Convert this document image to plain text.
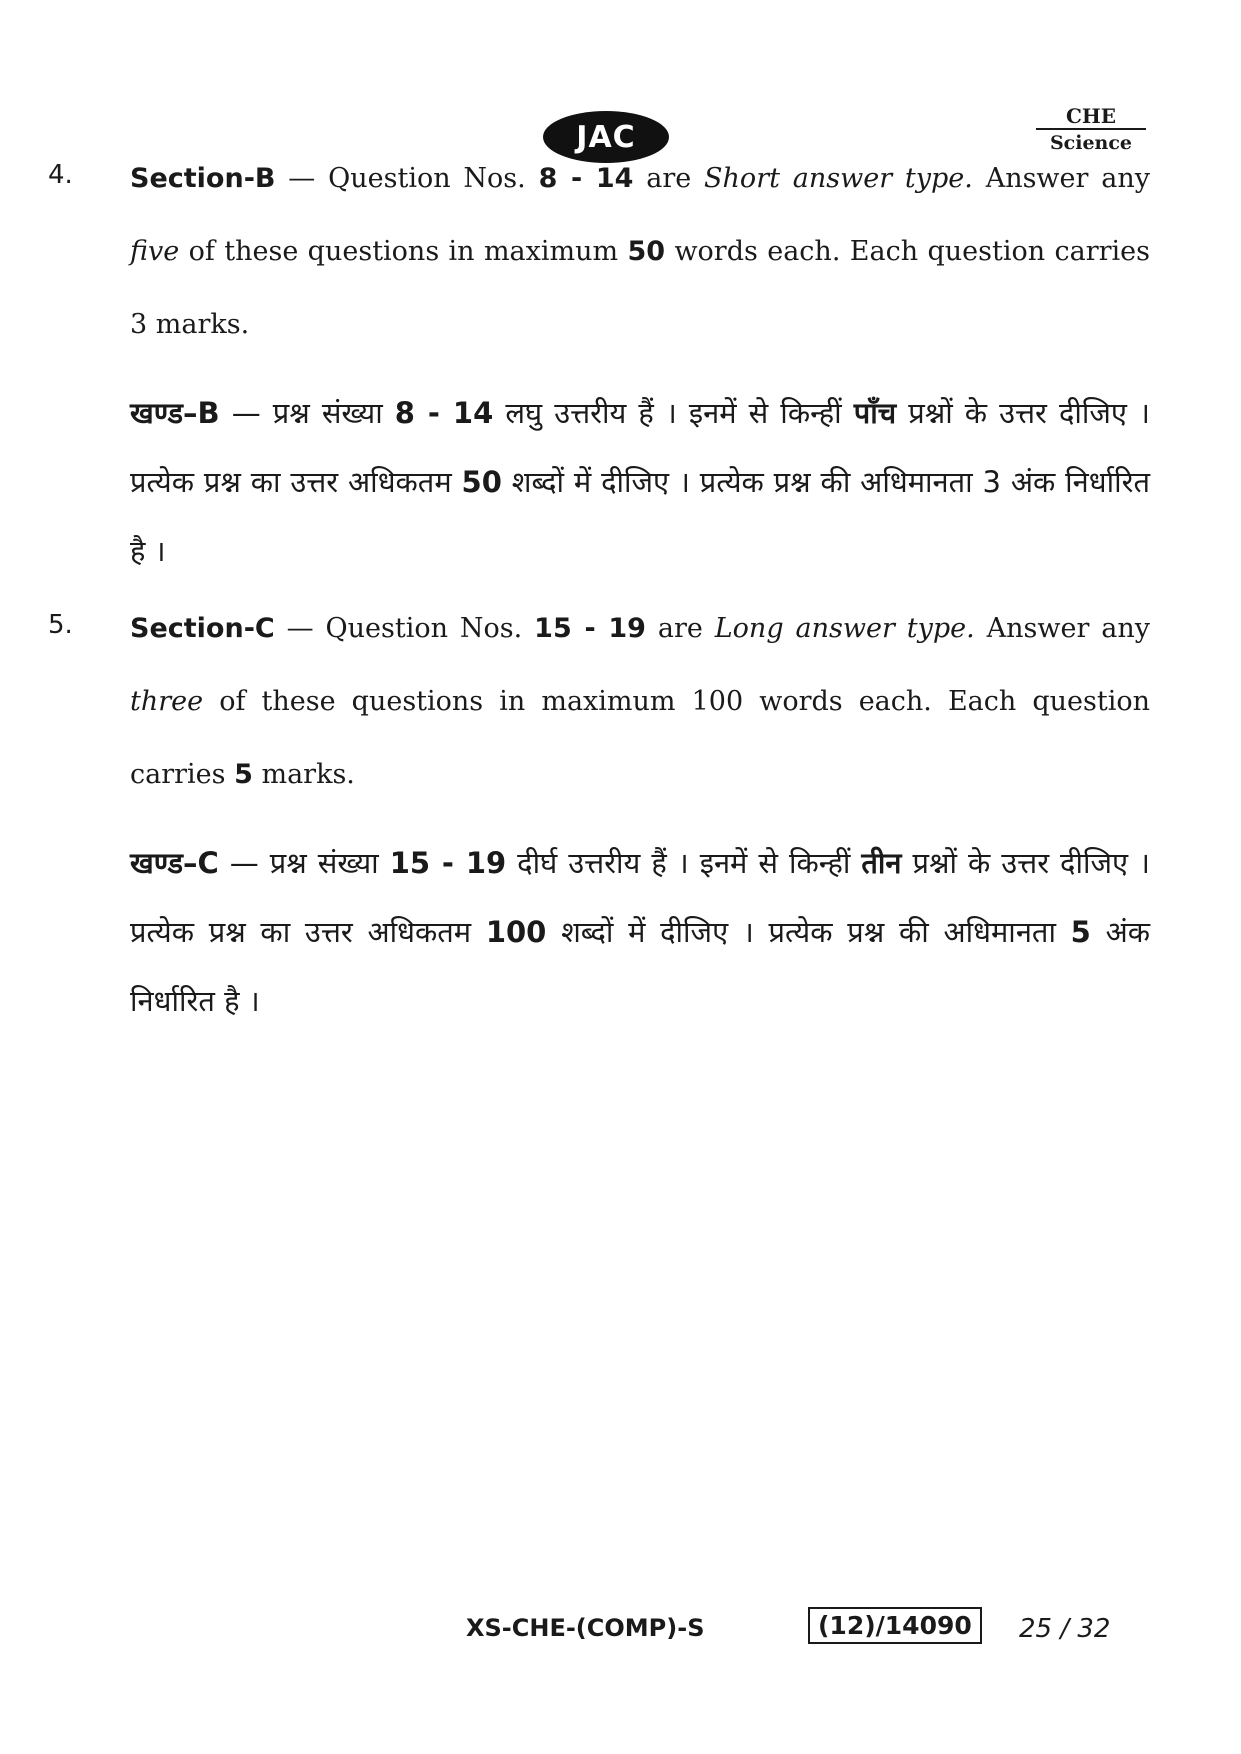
JAC
CHE
Science
4. Section-B — Question Nos. 8 - 14 are Short answer type. Answer any five of these questions in maximum 50 words each. Each question carries 3 marks.

खण्ड–B — प्रश्न संख्या 8 - 14 लघु उत्तरीय हैं । इनमें से किन्हीं पाँच प्रश्नों के उत्तर दीजिए । प्रत्येक प्रश्न का उत्तर अधिकतम 50 शब्दों में दीजिए । प्रत्येक प्रश्न की अधिमानता 3 अंक निर्धारित है ।

5. Section-C — Question Nos. 15 - 19 are Long answer type. Answer any three of these questions in maximum 100 words each. Each question carries 5 marks.

खण्ड–C — प्रश्न संख्या 15 - 19 दीर्घ उत्तरीय हैं । इनमें से किन्हीं तीन प्रश्नों के उत्तर दीजिए । प्रत्येक प्रश्न का उत्तर अधिकतम 100 शब्दों में दीजिए । प्रत्येक प्रश्न की अधिमानता 5 अंक निर्धारित है ।

XS-CHE-(COMP)-S	(12)/14090	25 / 32
